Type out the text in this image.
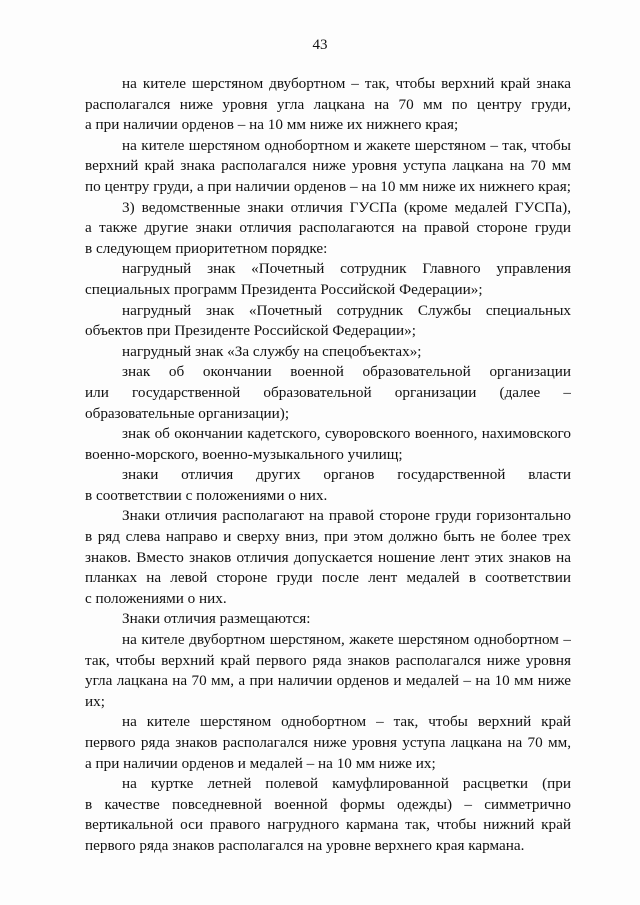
43
на кителе шерстяном двубортном – так, чтобы верхний край знака
располагался ниже уровня угла лацкана на 70 мм по центру груди,
а при наличии орденов – на 10 мм ниже их нижнего края;
на кителе шерстяном однобортном и жакете шерстяном – так, чтобы
верхний край знака располагался ниже уровня уступа лацкана на 70 мм
по центру груди, а при наличии орденов – на 10 мм ниже их нижнего края;
3) ведомственные знаки отличия ГУСПа (кроме медалей ГУСПа),
а также другие знаки отличия располагаются на правой стороне груди
в следующем приоритетном порядке:
нагрудный знак «Почетный сотрудник Главного управления
специальных программ Президента Российской Федерации»;
нагрудный знак «Почетный сотрудник Службы специальных
объектов при Президенте Российской Федерации»;
нагрудный знак «За службу на спецобъектах»;
знак об окончании военной образовательной организации
или государственной образовательной организации (далее –
образовательные организации);
знак об окончании кадетского, суворовского военного, нахимовского
военно-морского, военно-музыкального училищ;
знаки отличия других органов государственной власти
в соответствии с положениями о них.
Знаки отличия располагают на правой стороне груди горизонтально
в ряд слева направо и сверху вниз, при этом должно быть не более трех
знаков. Вместо знаков отличия допускается ношение лент этих знаков на
планках на левой стороне груди после лент медалей в соответствии
с положениями о них.
Знаки отличия размещаются:
на кителе двубортном шерстяном, жакете шерстяном однобортном –
так, чтобы верхний край первого ряда знаков располагался ниже уровня
угла лацкана на 70 мм, а при наличии орденов и медалей – на 10 мм ниже
их;
на кителе шерстяном однобортном – так, чтобы верхний край
первого ряда знаков располагался ниже уровня уступа лацкана на 70 мм,
а при наличии орденов и медалей – на 10 мм ниже их;
на куртке летней полевой камуфлированной расцветки (при
в качестве повседневной военной формы одежды) – симметрично
вертикальной оси правого нагрудного кармана так, чтобы нижний край
первого ряда знаков располагался на уровне верхнего края кармана.
